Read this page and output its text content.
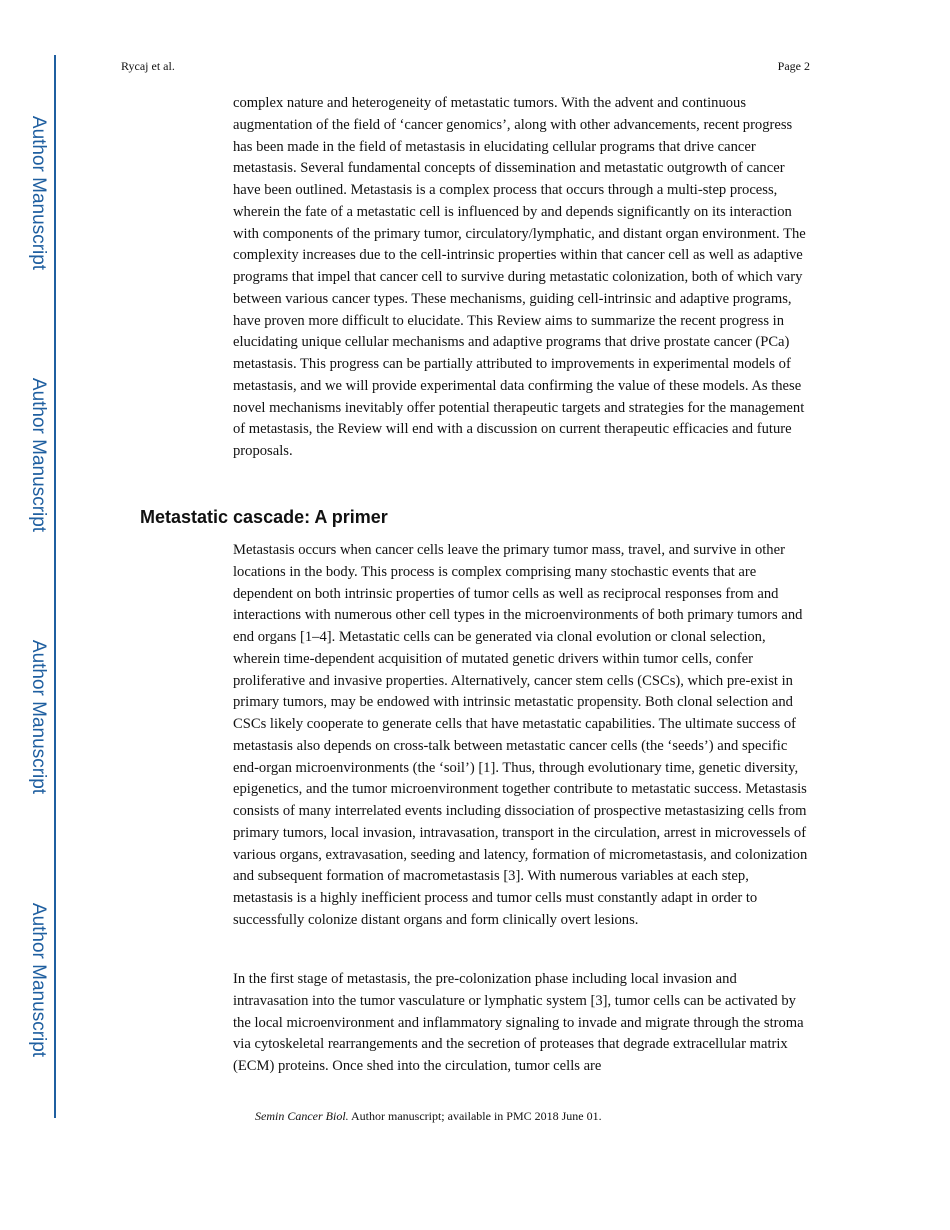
Author Manuscript
Author Manuscript
Author Manuscript
Author Manuscript
Rycaj et al.	Page 2

complex nature and heterogeneity of metastatic tumors. With the advent and continuous augmentation of the field of ‘cancer genomics’, along with other advancements, recent progress has been made in the field of metastasis in elucidating cellular programs that drive cancer metastasis. Several fundamental concepts of dissemination and metastatic outgrowth of cancer have been outlined. Metastasis is a complex process that occurs through a multi-step process, wherein the fate of a metastatic cell is influenced by and depends significantly on its interaction with components of the primary tumor, circulatory/lymphatic, and distant organ environment. The complexity increases due to the cell-intrinsic properties within that cancer cell as well as adaptive programs that impel that cancer cell to survive during metastatic colonization, both of which vary between various cancer types. These mechanisms, guiding cell-intrinsic and adaptive programs, have proven more difficult to elucidate. This Review aims to summarize the recent progress in elucidating unique cellular mechanisms and adaptive programs that drive prostate cancer (PCa) metastasis. This progress can be partially attributed to improvements in experimental models of metastasis, and we will provide experimental data confirming the value of these models. As these novel mechanisms inevitably offer potential therapeutic targets and strategies for the management of metastasis, the Review will end with a discussion on current therapeutic efficacies and future proposals.

Metastatic cascade: A primer

Metastasis occurs when cancer cells leave the primary tumor mass, travel, and survive in other locations in the body. This process is complex comprising many stochastic events that are dependent on both intrinsic properties of tumor cells as well as reciprocal responses from and interactions with numerous other cell types in the microenvironments of both primary tumors and end organs [1–4]. Metastatic cells can be generated via clonal evolution or clonal selection, wherein time-dependent acquisition of mutated genetic drivers within tumor cells, confer proliferative and invasive properties. Alternatively, cancer stem cells (CSCs), which pre-exist in primary tumors, may be endowed with intrinsic metastatic propensity. Both clonal selection and CSCs likely cooperate to generate cells that have metastatic capabilities. The ultimate success of metastasis also depends on cross-talk between metastatic cancer cells (the ‘seeds’) and specific end-organ microenvironments (the ‘soil’) [1]. Thus, through evolutionary time, genetic diversity, epigenetics, and the tumor microenvironment together contribute to metastatic success. Metastasis consists of many interrelated events including dissociation of prospective metastasizing cells from primary tumors, local invasion, intravasation, transport in the circulation, arrest in microvessels of various organs, extravasation, seeding and latency, formation of micrometastasis, and colonization and subsequent formation of macrometastasis [3]. With numerous variables at each step, metastasis is a highly inefficient process and tumor cells must constantly adapt in order to successfully colonize distant organs and form clinically overt lesions.

In the first stage of metastasis, the pre-colonization phase including local invasion and intravasation into the tumor vasculature or lymphatic system [3], tumor cells can be activated by the local microenvironment and inflammatory signaling to invade and migrate through the stroma via cytoskeletal rearrangements and the secretion of proteases that degrade extracellular matrix (ECM) proteins. Once shed into the circulation, tumor cells are

Semin Cancer Biol. Author manuscript; available in PMC 2018 June 01.
